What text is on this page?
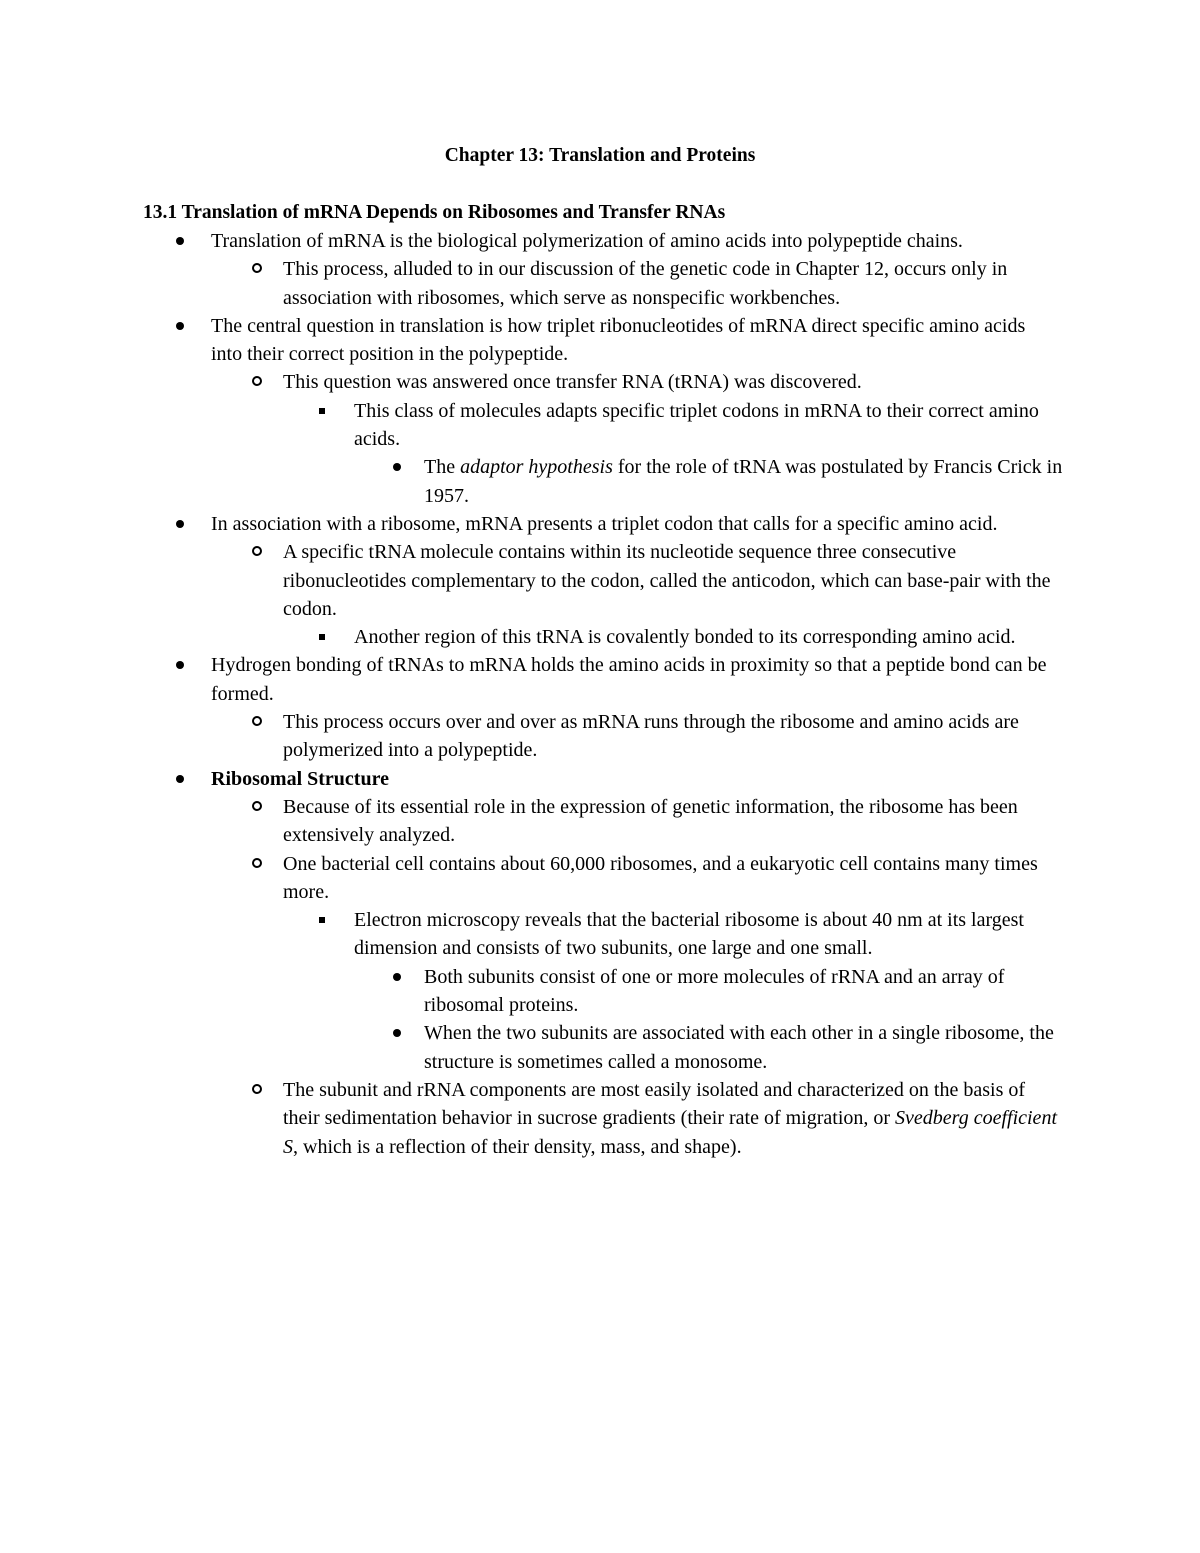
Chapter 13: Translation and Proteins
13.1 Translation of mRNA Depends on Ribosomes and Transfer RNAs
Translation of mRNA is the biological polymerization of amino acids into polypeptide chains.
This process, alluded to in our discussion of the genetic code in Chapter 12, occurs only in association with ribosomes, which serve as nonspecific workbenches.
The central question in translation is how triplet ribonucleotides of mRNA direct specific amino acids into their correct position in the polypeptide.
This question was answered once transfer RNA (tRNA) was discovered.
This class of molecules adapts specific triplet codons in mRNA to their correct amino acids.
The adaptor hypothesis for the role of tRNA was postulated by Francis Crick in 1957.
In association with a ribosome, mRNA presents a triplet codon that calls for a specific amino acid.
A specific tRNA molecule contains within its nucleotide sequence three consecutive ribonucleotides complementary to the codon, called the anticodon, which can base-pair with the codon.
Another region of this tRNA is covalently bonded to its corresponding amino acid.
Hydrogen bonding of tRNAs to mRNA holds the amino acids in proximity so that a peptide bond can be formed.
This process occurs over and over as mRNA runs through the ribosome and amino acids are polymerized into a polypeptide.
Ribosomal Structure
Because of its essential role in the expression of genetic information, the ribosome has been extensively analyzed.
One bacterial cell contains about 60,000 ribosomes, and a eukaryotic cell contains many times more.
Electron microscopy reveals that the bacterial ribosome is about 40 nm at its largest dimension and consists of two subunits, one large and one small.
Both subunits consist of one or more molecules of rRNA and an array of ribosomal proteins.
When the two subunits are associated with each other in a single ribosome, the structure is sometimes called a monosome.
The subunit and rRNA components are most easily isolated and characterized on the basis of their sedimentation behavior in sucrose gradients (their rate of migration, or Svedberg coefficient S, which is a reflection of their density, mass, and shape).
